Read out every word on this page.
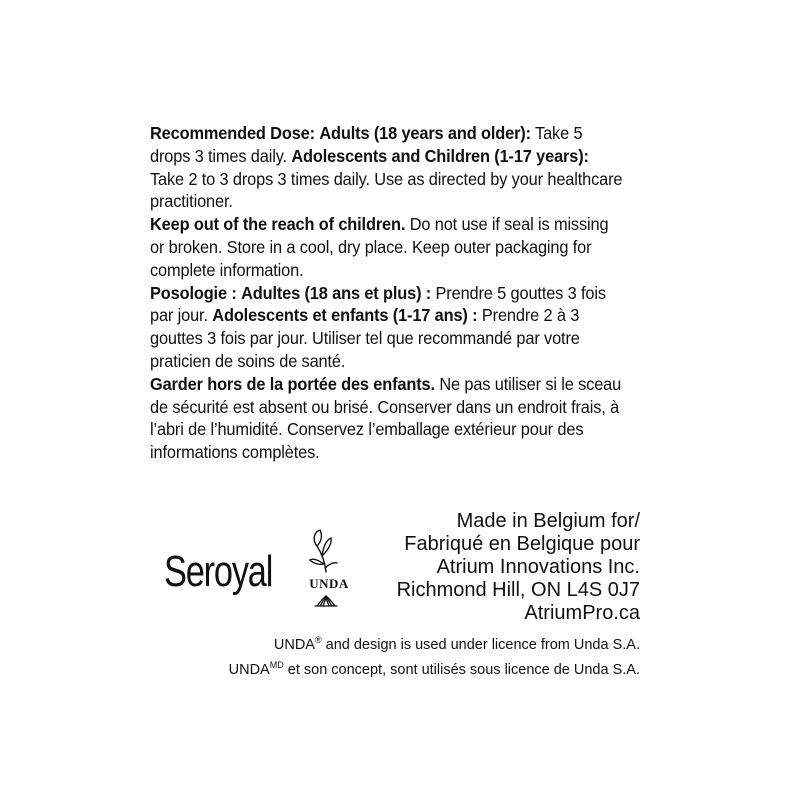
Recommended Dose: Adults (18 years and older): Take 5 drops 3 times daily. Adolescents and Children (1-17 years): Take 2 to 3 drops 3 times daily. Use as directed by your healthcare practitioner.

Keep out of the reach of children. Do not use if seal is missing or broken. Store in a cool, dry place. Keep outer packaging for complete information.

Posologie : Adultes (18 ans et plus) : Prendre 5 gouttes 3 fois par jour. Adolescents et enfants (1-17 ans) : Prendre 2 à 3 gouttes 3 fois par jour. Utiliser tel que recommandé par votre praticien de soins de santé.

Garder hors de la portée des enfants. Ne pas utiliser si le sceau de sécurité est absent ou brisé. Conserver dans un endroit frais, à l’abri de l’humidité. Conservez l’emballage extérieur pour des informations complètes.

Made in Belgium for/
Fabriqué en Belgique pour
Atrium Innovations Inc.
Richmond Hill, ON L4S 0J7
AtriumPro.ca
Seroyal	UNDA
UNDA® and design is used under licence from Unda S.A.
$UNDA^{MD}$ et son concept, sont utilisés sous licence de Unda S.A.
